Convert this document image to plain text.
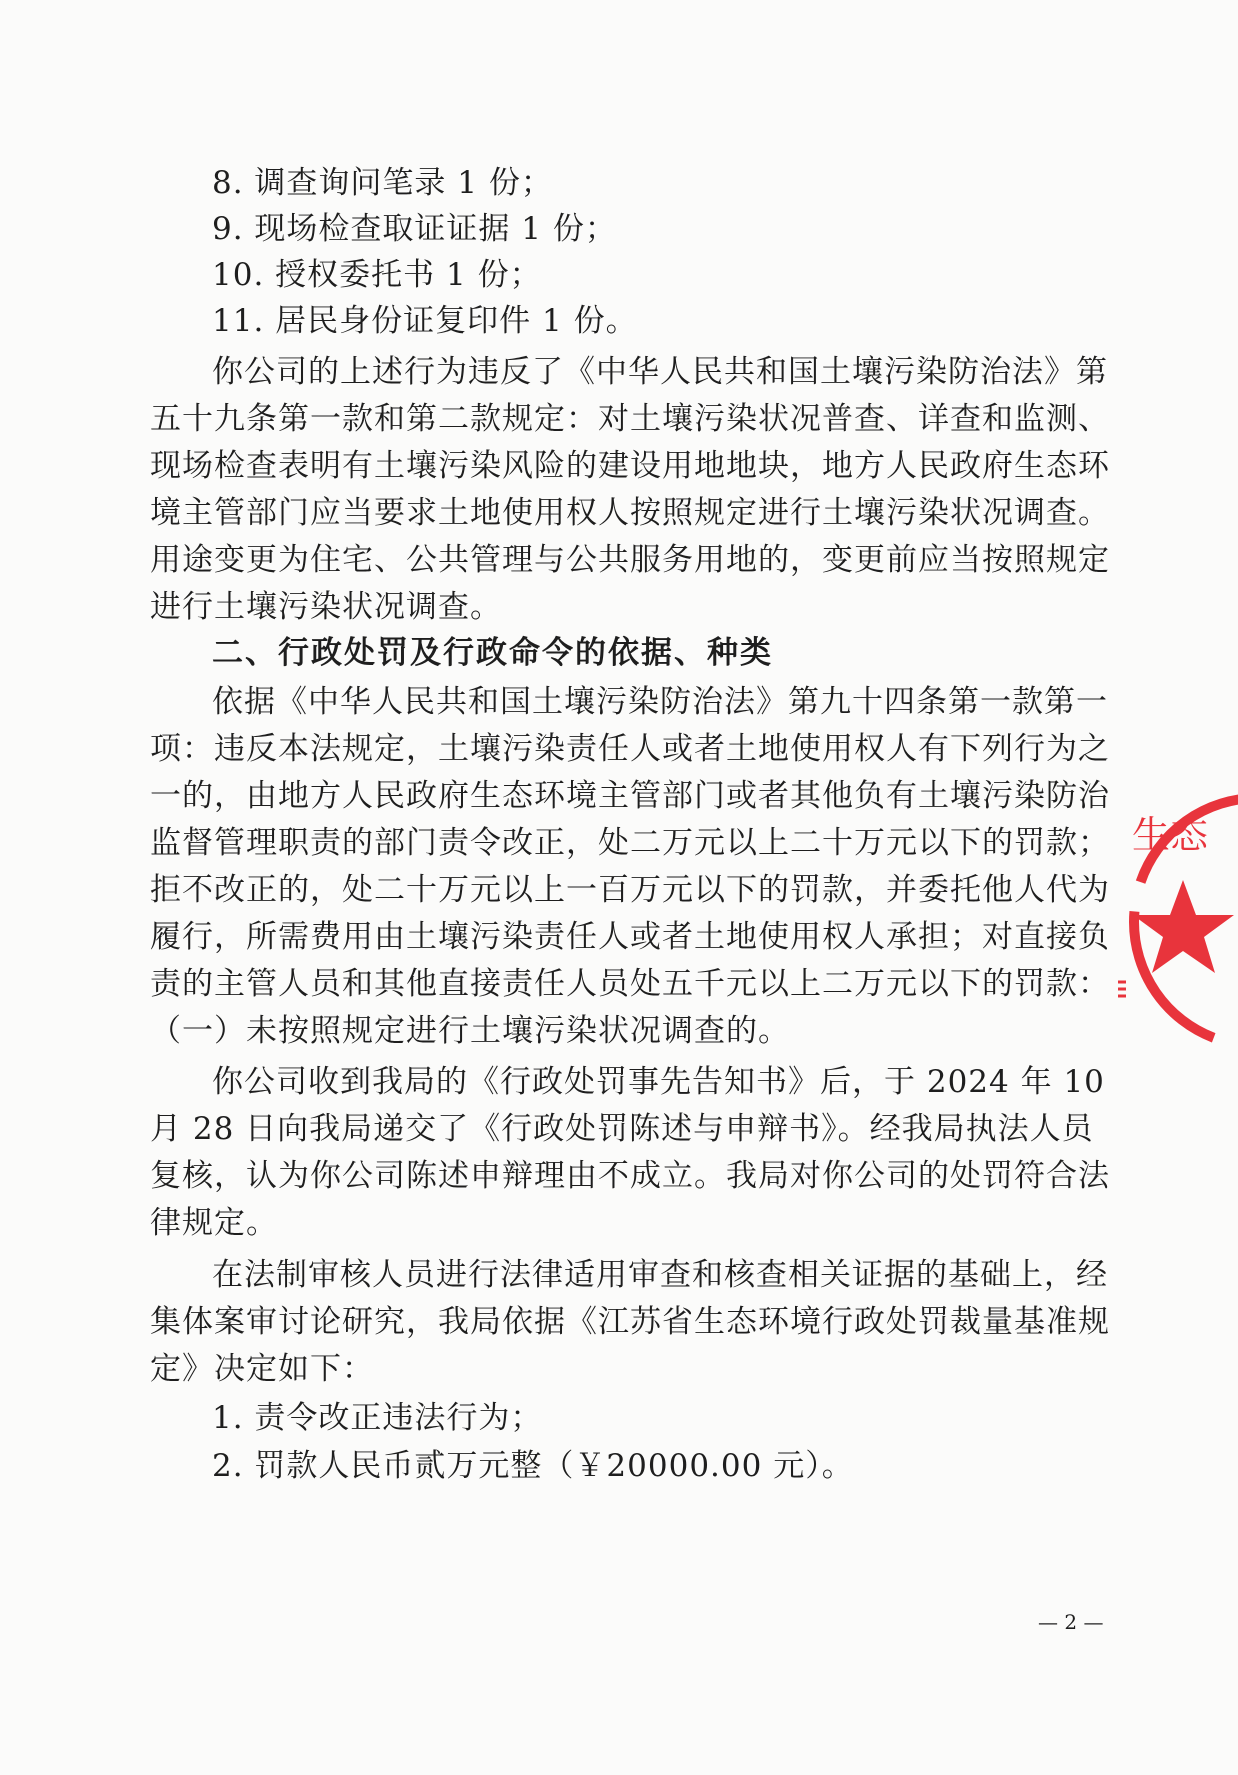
8. 调查询问笔录 1 份；
9. 现场检查取证证据 1 份；
10. 授权委托书 1 份；
11. 居民身份证复印件 1 份。
你公司的上述行为违反了《中华人民共和国土壤污染防治法》第
五十九条第一款和第二款规定：对土壤污染状况普查、详查和监测、
现场检查表明有土壤污染风险的建设用地地块，地方人民政府生态环
境主管部门应当要求土地使用权人按照规定进行土壤污染状况调查。
用途变更为住宅、公共管理与公共服务用地的，变更前应当按照规定
进行土壤污染状况调查。
二、行政处罚及行政命令的依据、种类
依据《中华人民共和国土壤污染防治法》第九十四条第一款第一
项：违反本法规定，土壤污染责任人或者土地使用权人有下列行为之
一的，由地方人民政府生态环境主管部门或者其他负有土壤污染防治
监督管理职责的部门责令改正，处二万元以上二十万元以下的罚款；
拒不改正的，处二十万元以上一百万元以下的罚款，并委托他人代为
履行，所需费用由土壤污染责任人或者土地使用权人承担；对直接负
责的主管人员和其他直接责任人员处五千元以上二万元以下的罚款：
（一）未按照规定进行土壤污染状况调查的。
你公司收到我局的《行政处罚事先告知书》后，于 2024 年 10
月 28 日向我局递交了《行政处罚陈述与申辩书》。经我局执法人员
复核，认为你公司陈述申辩理由不成立。我局对你公司的处罚符合法
律规定。
在法制审核人员进行法律适用审查和核查相关证据的基础上，经
集体案审讨论研究，我局依据《江苏省生态环境行政处罚裁量基准规
定》决定如下：
1. 责令改正违法行为；
2. 罚款人民币贰万元整（￥20000.00 元）。
— 2 —
生态
